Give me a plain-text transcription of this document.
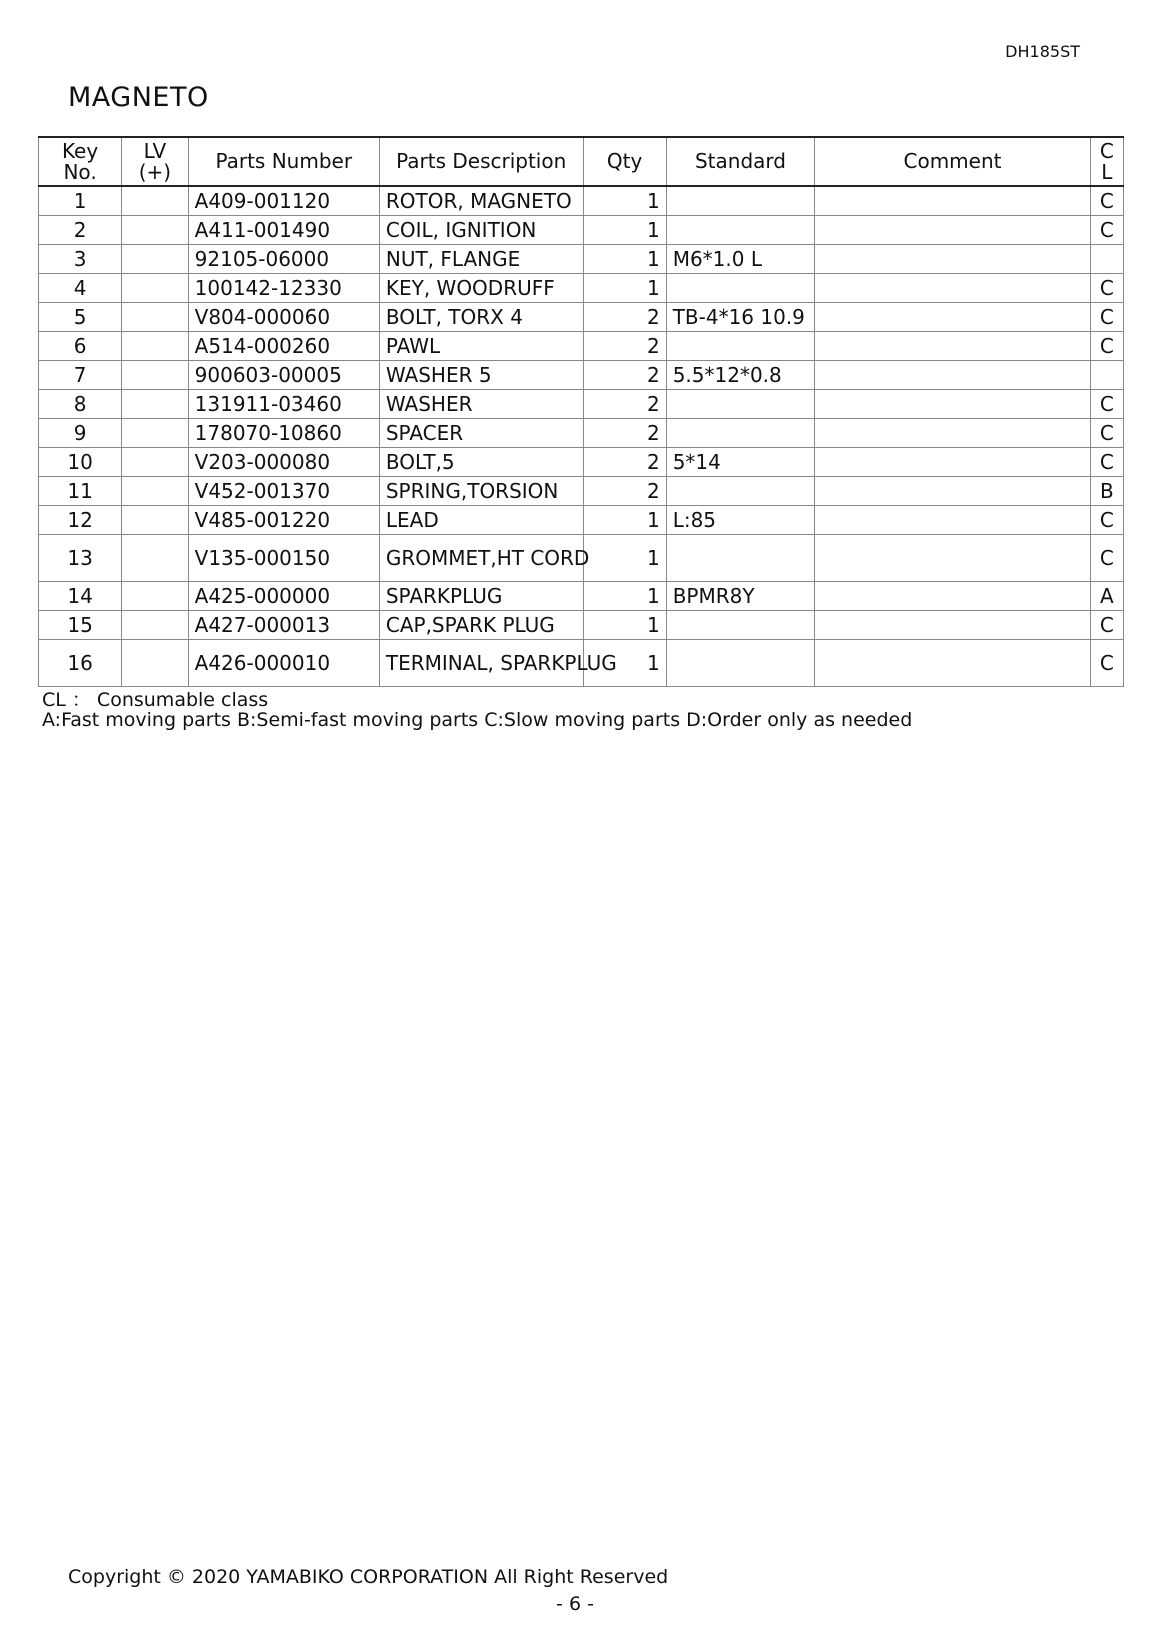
DH185ST
MAGNETO
Key No.	LV (+)	Parts Number	Parts Description	Qty	Standard	Comment	C L
1		A409-001120	ROTOR, MAGNETO	1			C
2		A411-001490	COIL, IGNITION	1			C
3		92105-06000	NUT, FLANGE	1	M6*1.0 L		
4		100142-12330	KEY, WOODRUFF	1			C
5		V804-000060	BOLT, TORX 4	2	TB-4*16 10.9		C
6		A514-000260	PAWL	2			C
7		900603-00005	WASHER 5	2	5.5*12*0.8		
8		131911-03460	WASHER	2			C
9		178070-10860	SPACER	2			C
10		V203-000080	BOLT,5	2	5*14		C
11		V452-001370	SPRING,TORSION	2			B
12		V485-001220	LEAD	1	L:85		C
13		V135-000150	GROMMET,HT CORD	1			C
14		A425-000000	SPARKPLUG	1	BPMR8Y		A
15		A427-000013	CAP,SPARK PLUG	1			C
16		A426-000010	TERMINAL, SPARKPLUG	1			C
CL ： Consumable class
A:Fast moving parts B:Semi-fast moving parts C:Slow moving parts D:Order only as needed
Copyright © 2020 YAMABIKO CORPORATION All Right Reserved
- 6 -
